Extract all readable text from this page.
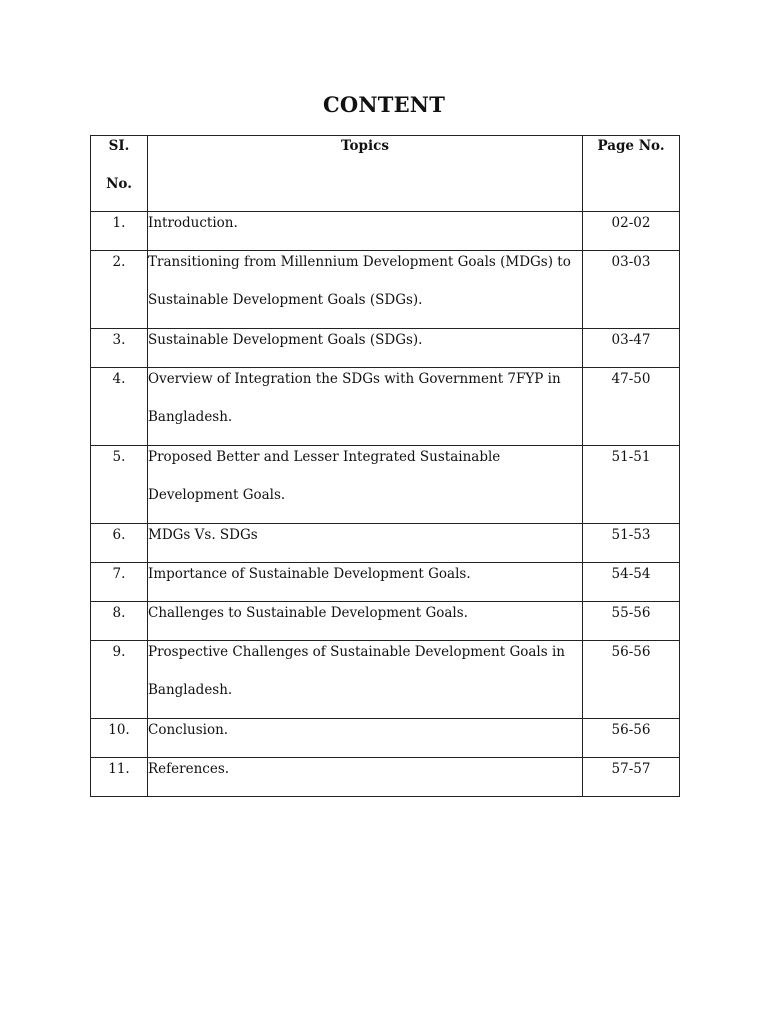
CONTENT
SI.
No.	Topics	Page No.

1.	Introduction.	02-02

2.	Transitioning from Millennium Development Goals (MDGs) to
Sustainable Development Goals (SDGs).	03-03

3.	Sustainable Development Goals (SDGs).	03-47

4.	Overview of Integration the SDGs with Government 7FYP in
Bangladesh.	47-50

5.	Proposed Better and Lesser Integrated Sustainable
Development Goals.	51-51

6.	MDGs Vs. SDGs	51-53

7.	Importance of Sustainable Development Goals.	54-54

8.	Challenges to Sustainable Development Goals.	55-56

9.	Prospective Challenges of Sustainable Development Goals in
Bangladesh.	56-56

10.	Conclusion.	56-56

11.	References.	57-57
